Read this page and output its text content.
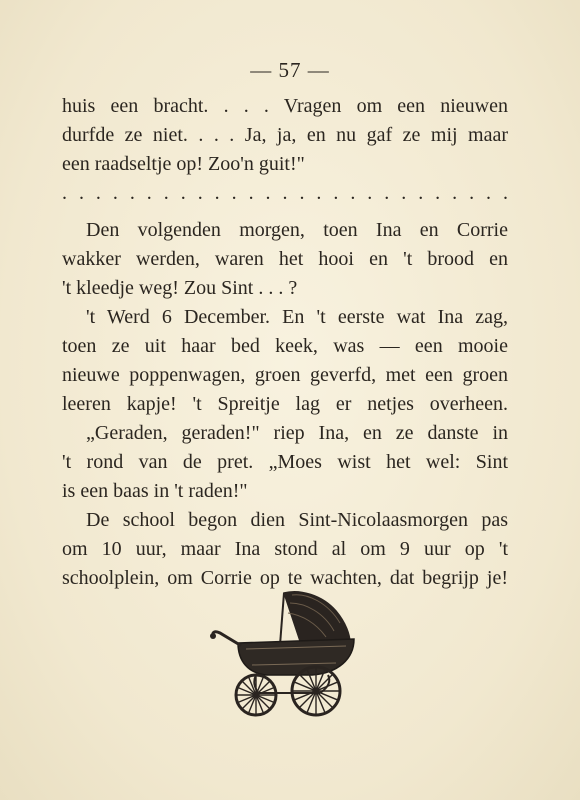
— 57 —
huis een bracht. . . . Vragen om een nieuwen
durfde ze niet. . . . Ja, ja, en nu gaf ze mij maar
een raadseltje op! Zoo'n guit!"
. . . . . . . . . . . . . . . . . . . . . . . . . . .
Den volgenden morgen, toen Ina en Corrie
wakker werden, waren het hooi en 't brood en
't kleedje weg! Zou Sint . . . ?
't Werd 6 December. En 't eerste wat Ina zag,
toen ze uit haar bed keek, was — een mooie
nieuwe poppenwagen, groen geverfd, met een groen
leeren kapje! 't Spreitje lag er netjes overheen.
„Geraden, geraden!" riep Ina, en ze danste in
't rond van de pret. „Moes wist het wel: Sint
is een baas in 't raden!"
De school begon dien Sint-Nicolaasmorgen pas
om 10 uur, maar Ina stond al om 9 uur op 't
schoolplein, om Corrie op te wachten, dat begrijp je!
